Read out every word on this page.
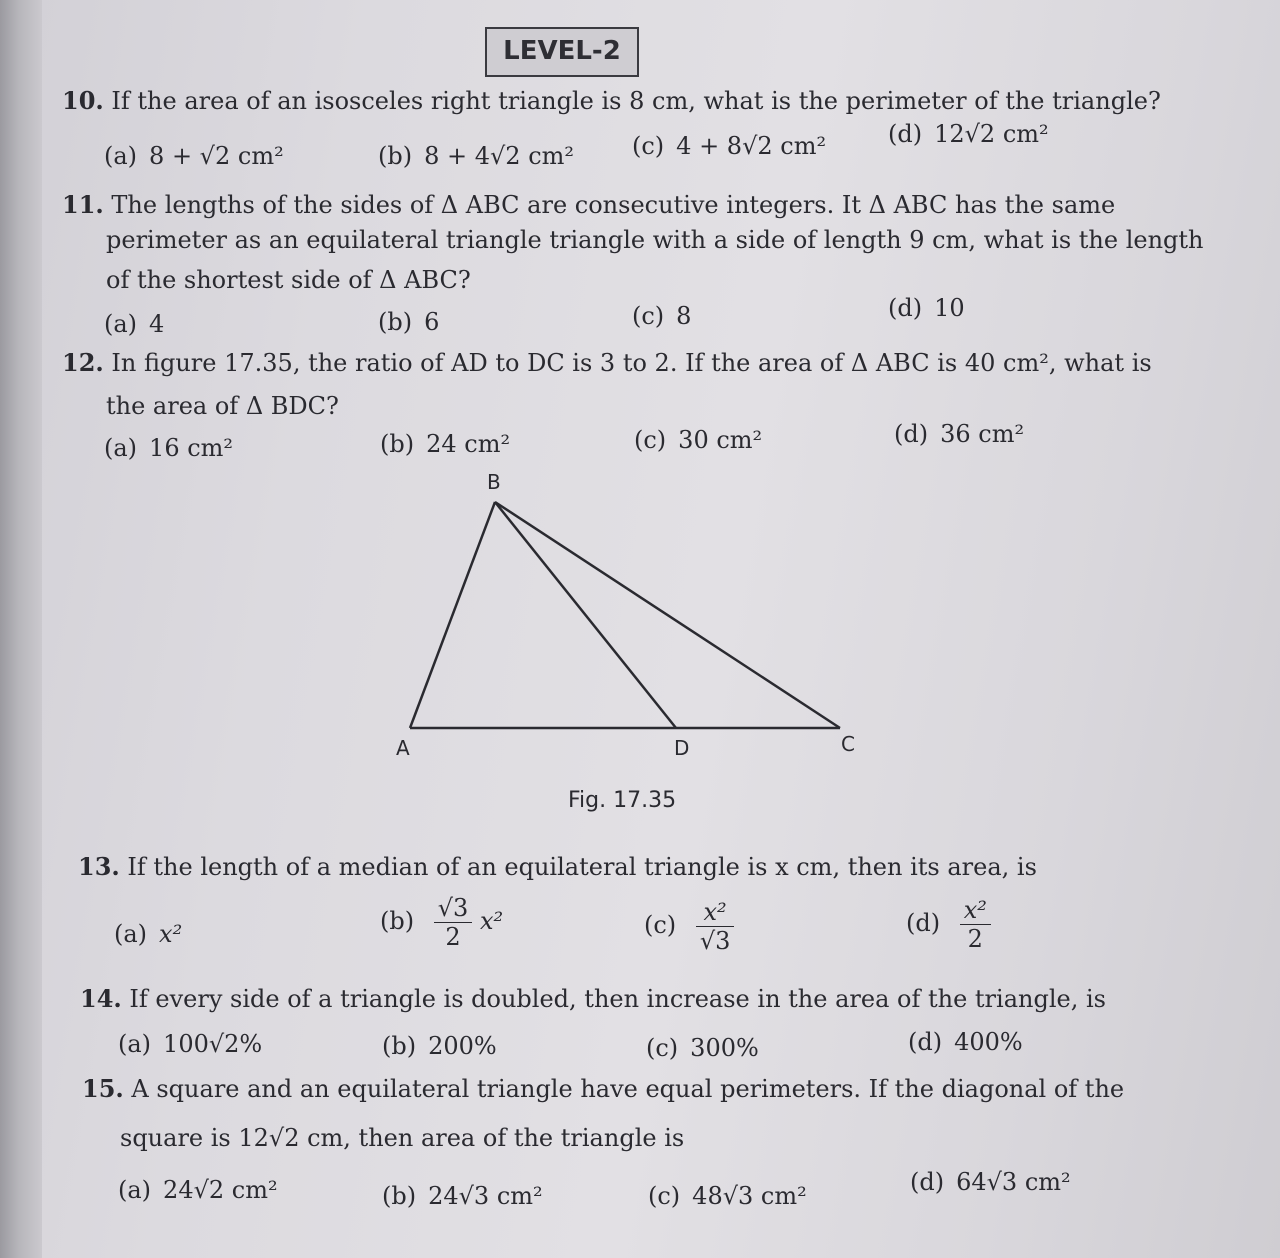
LEVEL-2
10. If the area of an isosceles right triangle is 8 cm, what is the perimeter of the triangle?
(a) 8 + √2 cm²	(b) 8 + 4√2 cm² (c) 4 + 8√2 cm²	(d) 12√2 cm²
11. The lengths of the sides of Δ ABC are consecutive integers. It Δ ABC has the same
perimeter as an equilateral triangle triangle with a side of length 9 cm, what is the length
of the shortest side of Δ ABC?
(a) 4	(b) 6	(c) 8	(d) 10
12. In figure 17.35, the ratio of AD to DC is 3 to 2. If the area of Δ ABC is 40 cm², what is
the area of Δ BDC?
(a) 16 cm²	(b) 24 cm²	(c) 30 cm²	(d) 36 cm²
B
A	D	C
Fig. 17.35
13. If the length of a median of an equilateral triangle is x cm, then its area, is
(a) x²	$(b) \frac{√3}{2} x^2$	$(c) \frac{\text{x²}}{√3}$	$(d) \frac{\text{x²}}{2}$
14. If every side of a triangle is doubled, then increase in the area of the triangle, is
(a) 100√2%	(b) 200%	(c) 300%	(d) 400%
15. A square and an equilateral triangle have equal perimeters. If the diagonal of the
square is 12√2 cm, then area of the triangle is
(a) 24√2 cm²	(b) 24√3 cm²	(c) 48√3 cm²	(d) 64√3 cm²
